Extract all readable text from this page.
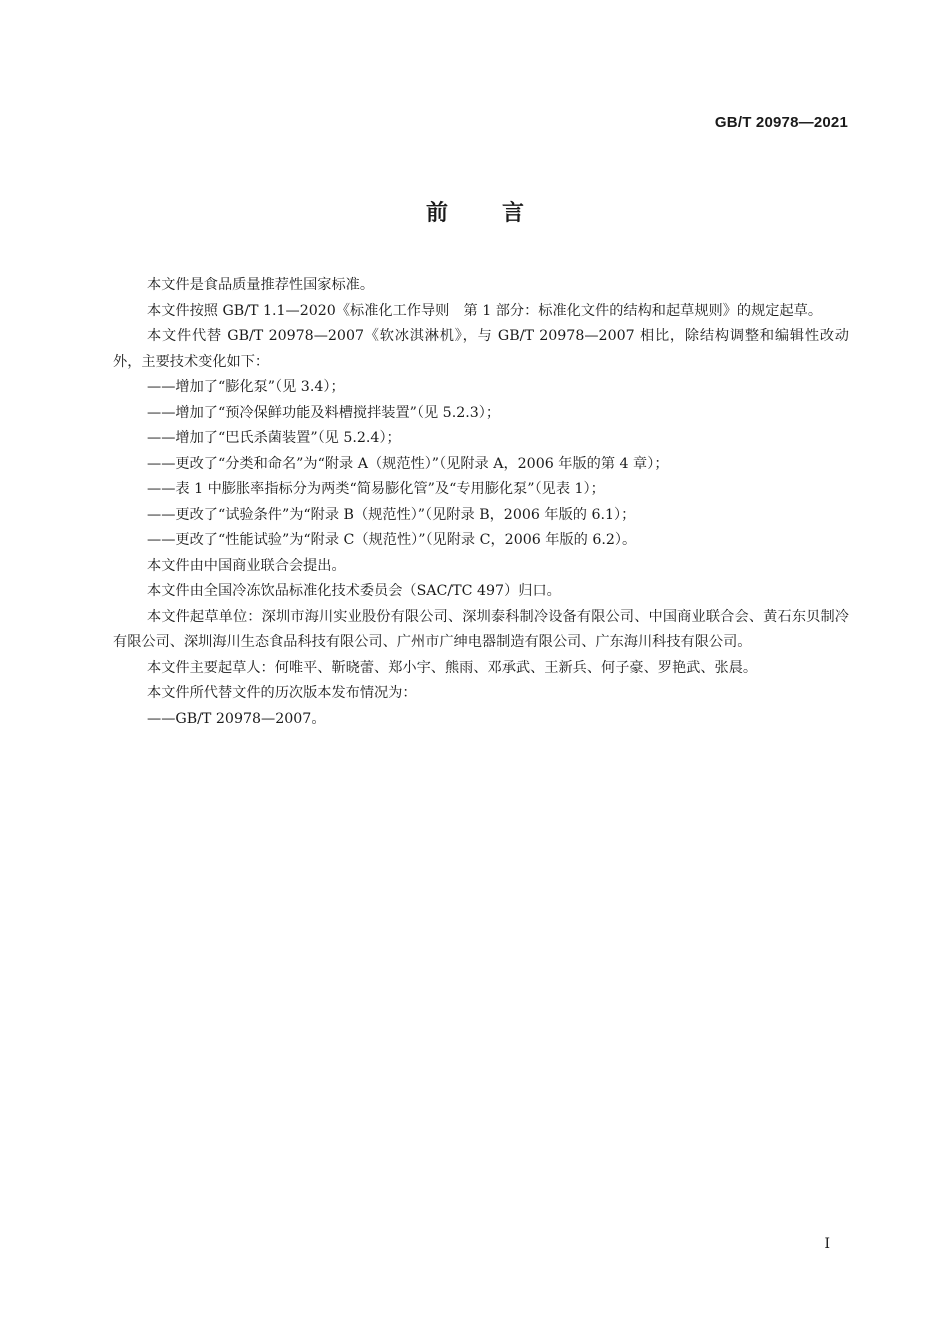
GB/T 20978—2021
前言

本文件是食品质量推荐性国家标准。

本文件按照 GB/T 1.1—2020《标准化工作导则　第 1 部分：标准化文件的结构和起草规则》的规定起草。

本文件代替 GB/T 20978—2007《软冰淇淋机》，与 GB/T 20978—2007 相比，除结构调整和编辑性改动外，主要技术变化如下：

——增加了“膨化泵”（见 3.4）；

——增加了“预冷保鲜功能及料槽搅拌装置”（见 5.2.3）；

——增加了“巴氏杀菌装置”（见 5.2.4）；

——更改了“分类和命名”为“附录 A（规范性）”（见附录 A，2006 年版的第 4 章）；

——表 1 中膨胀率指标分为两类“简易膨化管”及“专用膨化泵”（见表 1）；

——更改了“试验条件”为“附录 B（规范性）”（见附录 B，2006 年版的 6.1）；

——更改了“性能试验”为“附录 C（规范性）”（见附录 C，2006 年版的 6.2）。

本文件由中国商业联合会提出。

本文件由全国冷冻饮品标准化技术委员会（SAC/TC 497）归口。

本文件起草单位：深圳市海川实业股份有限公司、深圳泰科制冷设备有限公司、中国商业联合会、黄石东贝制冷有限公司、深圳海川生态食品科技有限公司、广州市广绅电器制造有限公司、广东海川科技有限公司。

本文件主要起草人：何唯平、靳晓蕾、郑小宇、熊雨、邓承武、王新兵、何子豪、罗艳武、张晨。

本文件所代替文件的历次版本发布情况为：

——GB/T 20978—2007。

I
